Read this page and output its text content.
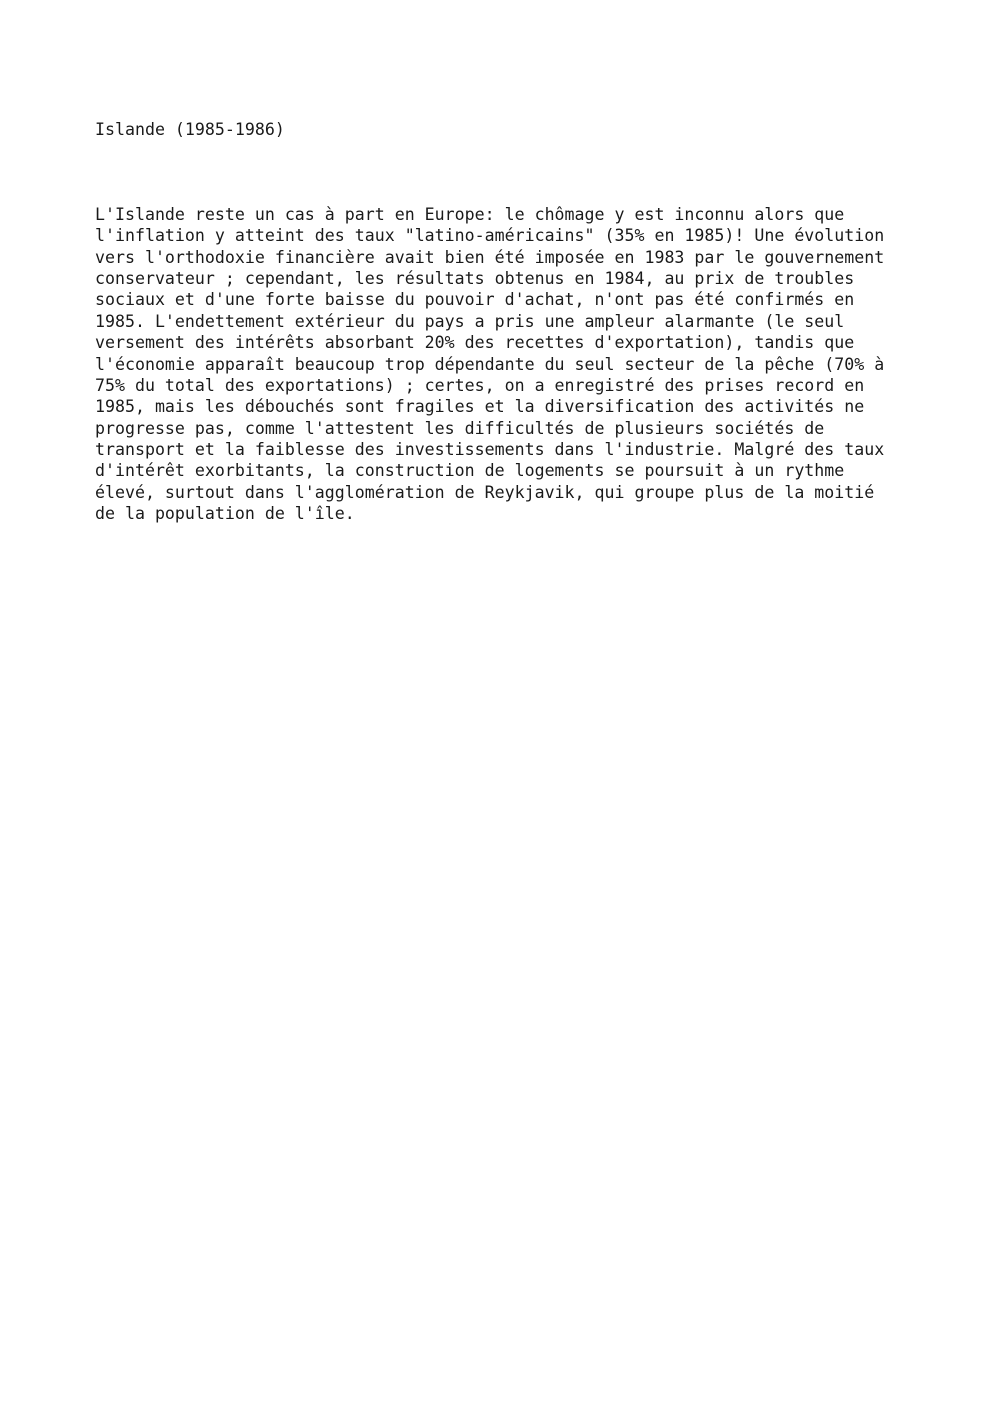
Islande (1985-1986)
L'Islande reste un cas à part en Europe: le chômage y est inconnu alors que
l'inflation y atteint des taux "latino-américains" (35% en 1985)! Une évolution
vers l'orthodoxie financière avait bien été imposée en 1983 par le gouvernement
conservateur ; cependant, les résultats obtenus en 1984, au prix de troubles
sociaux et d'une forte baisse du pouvoir d'achat, n'ont pas été confirmés en
1985. L'endettement extérieur du pays a pris une ampleur alarmante (le seul
versement des intérêts absorbant 20% des recettes d'exportation), tandis que
l'économie apparaît beaucoup trop dépendante du seul secteur de la pêche (70% à
75% du total des exportations) ; certes, on a enregistré des prises record en
1985, mais les débouchés sont fragiles et la diversification des activités ne
progresse pas, comme l'attestent les difficultés de plusieurs sociétés de
transport et la faiblesse des investissements dans l'industrie. Malgré des taux
d'intérêt exorbitants, la construction de logements se poursuit à un rythme
élevé, surtout dans l'agglomération de Reykjavik, qui groupe plus de la moitié
de la population de l'île.
